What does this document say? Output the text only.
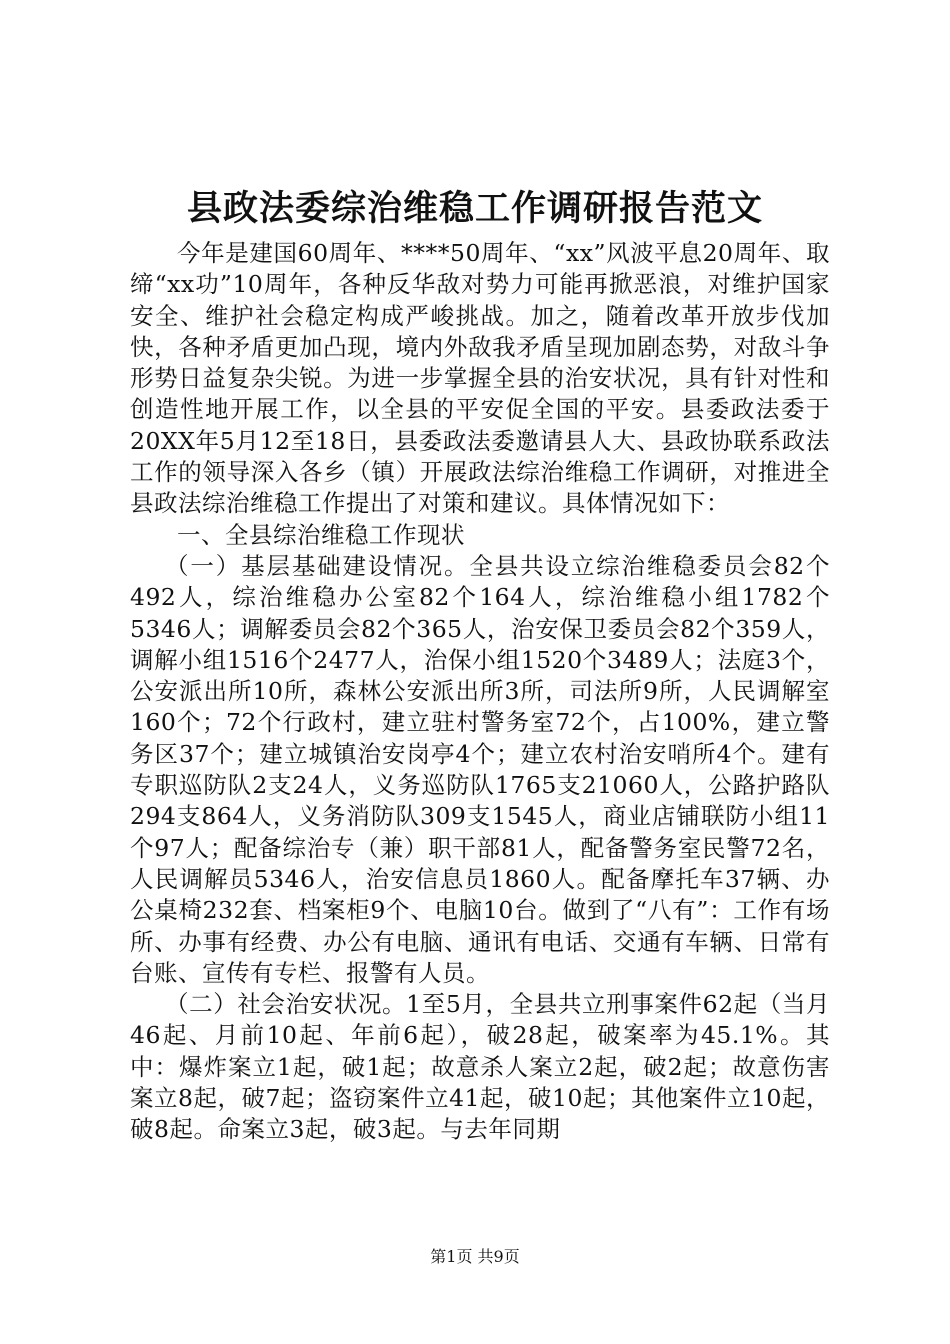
县政法委综治维稳工作调研报告范文

今年是建国60周年、****50周年、“xx”风波平息20周年、取缔“xx功”10周年，各种反华敌对势力可能再掀恶浪，对维护国家安全、维护社会稳定构成严峻挑战。加之，随着改革开放步伐加快，各种矛盾更加凸现，境内外敌我矛盾呈现加剧态势，对敌斗争形势日益复杂尖锐。为进一步掌握全县的治安状况，具有针对性和创造性地开展工作，以全县的平安促全国的平安。县委政法委于20XX年5月12至18日，县委政法委邀请县人大、县政协联系政法工作的领导深入各乡（镇）开展政法综治维稳工作调研，对推进全县政法综治维稳工作提出了对策和建议。具体情况如下：

一、全县综治维稳工作现状

（一）基层基础建设情况。全县共设立综治维稳委员会82个492人，综治维稳办公室82个164人，综治维稳小组1782个5346人；调解委员会82个365人，治安保卫委员会82个359人，调解小组1516个2477人，治保小组1520个3489人；法庭3个，公安派出所10所，森林公安派出所3所，司法所9所，人民调解室160个；72个行政村，建立驻村警务室72个，占100%，建立警务区37个；建立城镇治安岗亭4个；建立农村治安哨所4个。建有专职巡防队2支24人，义务巡防队1765支21060人，公路护路队294支864人，义务消防队309支1545人，商业店铺联防小组11个97人；配备综治专（兼）职干部81人，配备警务室民警72名，人民调解员5346人，治安信息员1860人。配备摩托车37辆、办公桌椅232套、档案柜9个、电脑10台。做到了“八有”：工作有场所、办事有经费、办公有电脑、通讯有电话、交通有车辆、日常有台账、宣传有专栏、报警有人员。

（二）社会治安状况。1至5月，全县共立刑事案件62起（当月46起、月前10起、年前6起），破28起，破案率为45.1%。其中：爆炸案立1起，破1起；故意杀人案立2起，破2起；故意伤害案立8起，破7起；盗窃案件立41起，破10起；其他案件立10起，破8起。命案立3起，破3起。与去年同期

第1页 共9页
